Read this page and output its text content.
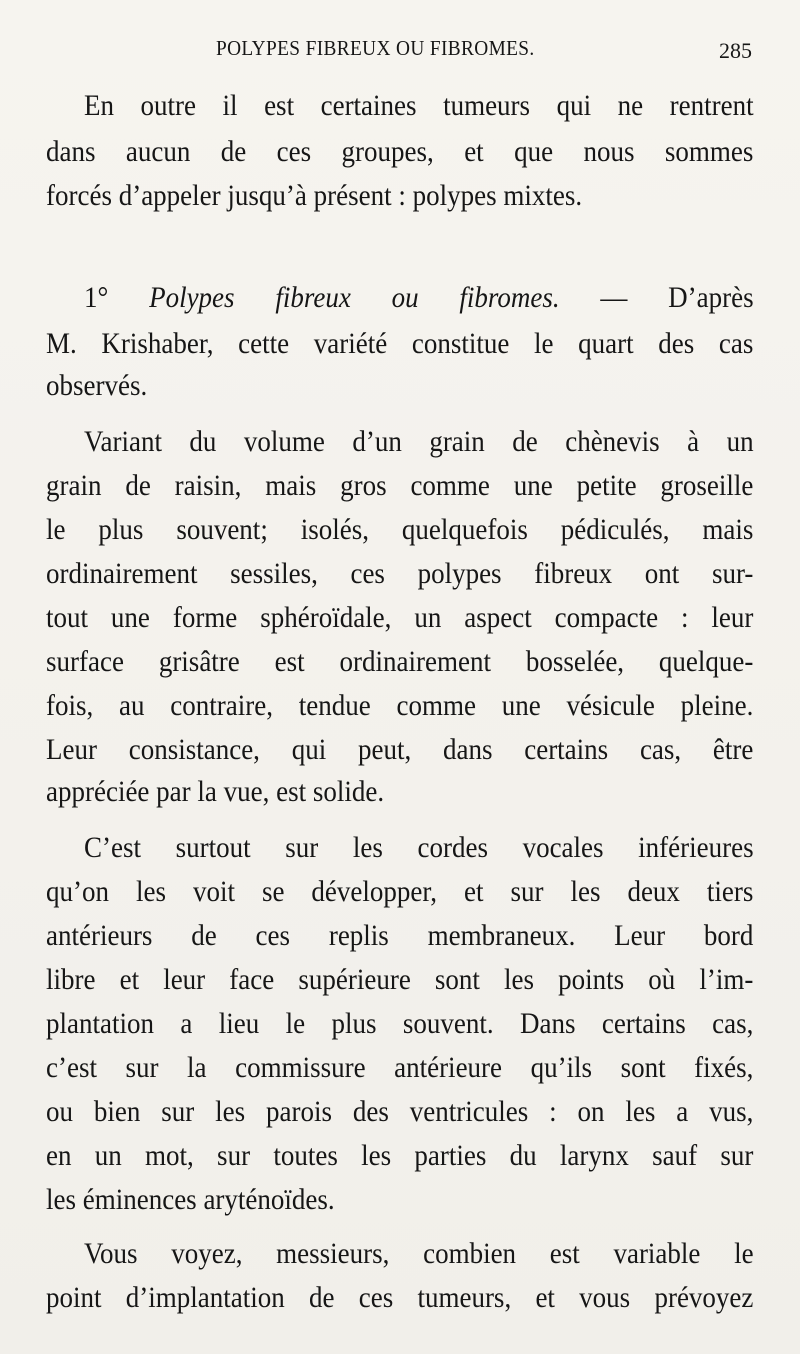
POLYPES FIBREUX OU FIBROMES.	285
En outre il est certaines tumeurs qui ne rentrent
dans aucun de ces groupes, et que nous sommes
forcés d’appeler jusqu’à présent : polypes mixtes.
1° Polypes fibreux ou fibromes. — D’après
M. Krishaber, cette variété constitue le quart des cas
observés.
Variant du volume d’un grain de chènevis à un
grain de raisin, mais gros comme une petite groseille
le plus souvent; isolés, quelquefois pédiculés, mais
ordinairement sessiles, ces polypes fibreux ont sur-
tout une forme sphéroïdale, un aspect compacte : leur
surface grisâtre est ordinairement bosselée, quelque-
fois, au contraire, tendue comme une vésicule pleine.
Leur consistance, qui peut, dans certains cas, être
appréciée par la vue, est solide.
C’est surtout sur les cordes vocales inférieures
qu’on les voit se développer, et sur les deux tiers
antérieurs de ces replis membraneux. Leur bord
libre et leur face supérieure sont les points où l’im-
plantation a lieu le plus souvent. Dans certains cas,
c’est sur la commissure antérieure qu’ils sont fixés,
ou bien sur les parois des ventricules : on les a vus,
en un mot, sur toutes les parties du larynx sauf sur
les éminences aryténoïdes.
Vous voyez, messieurs, combien est variable le
point d’implantation de ces tumeurs, et vous prévoyez
